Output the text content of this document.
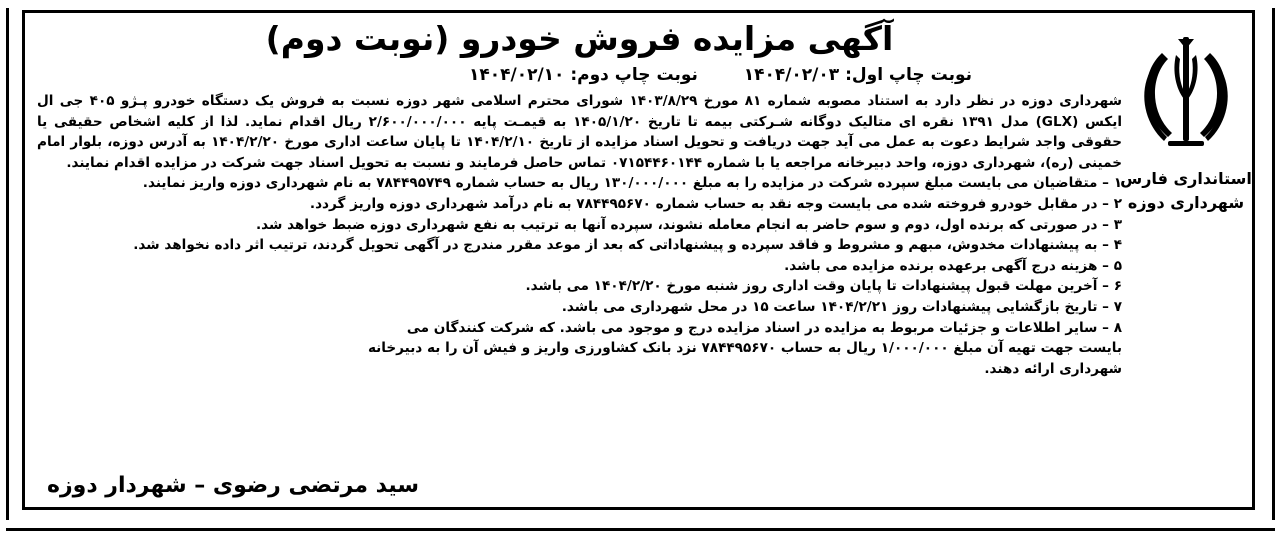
استانداری فارس
شهرداری دوزه
آگهی مزایده فروش خودرو (نوبت دوم)
نوبت چاپ اول: ۱۴۰۴/۰۲/۰۳  نوبت چاپ دوم: ۱۴۰۴/۰۲/۱۰
شهرداری دوزه در نظر دارد به استناد مصوبه شماره ۸۱ مورخ ۱۴۰۳/۸/۲۹ شورای محترم اسلامی شهر دوزه نسبت به فروش یک دستگاه خودرو پـژو ۴۰۵ جی ال ایکس (GLX) مدل ۱۳۹۱ نقره ای متالیک دوگانه شـرکتی بیمه تا تاریخ ۱۴۰۵/۱/۲۰ به قیمـت پایه ۲/۶۰۰/۰۰۰/۰۰۰ ریال اقدام نماید. لذا از کلیه اشخاص حقیقی یا حقوقی واجد شرایط دعوت به عمل می آید جهت دریافت و تحویل اسناد مزایده از تاریخ ۱۴۰۴/۲/۱۰ تا پایان ساعت اداری مورخ ۱۴۰۴/۲/۲۰ به آدرس دوزه، بلوار امام خمینی (ره)، شهرداری دوزه، واحد دبیرخانه مراجعه یا با شماره ۰۷۱۵۴۴۶۰۱۴۴ تماس حاصل فرمایند و نسبت به تحویل اسناد جهت شرکت در مزایده اقدام نمایند.
۱ – متقاضیان می بایست مبلغ سپرده شرکت در مزایده را به مبلغ ۱۳۰/۰۰۰/۰۰۰ ریال به حساب شماره ۷۸۴۴۹۵۷۴۹ به نام شهرداری دوزه واریز نمایند.
۲ – در مقابل خودرو فروخته شده می بایست وجه نقد به حساب شماره ۷۸۴۴۹۵۶۷۰ به نام درآمد شهرداری دوزه واریز گردد.
۳ – در صورتی که برنده اول، دوم و سوم حاضر به انجام معامله نشوند، سپرده آنها به ترتیب به نفع شهرداری دوزه ضبط خواهد شد.
۴ – به پیشنهادات مخدوش، مبهم و مشروط و فاقد سپرده و پیشنهاداتی که بعد از موعد مقرر مندرج در آگهی تحویل گردند، ترتیب اثر داده نخواهد شد.
۵ – هزینه درج آگهی برعهده برنده مزایده می باشد.
۶ – آخرین مهلت قبول پیشنهادات تا پایان وقت اداری روز شنبه مورخ ۱۴۰۴/۲/۲۰ می باشد.
۷ – تاریخ بازگشایی پیشنهادات روز ۱۴۰۴/۲/۲۱ ساعت ۱۵ در محل شهرداری می باشد.
۸ – سایر اطلاعات و جزئیات مربوط به مزایده در اسناد مزایده درج و موجود می باشد. که شرکت کنندگان می بایست جهت تهیه آن مبلغ ۱/۰۰۰/۰۰۰ ریال به حساب ۷۸۴۴۹۵۶۷۰ نزد بانک کشاورزی واریز و فیش آن را به دبیرخانه شهرداری ارائه دهند.
سید مرتضی رضوی – شهردار دوزه
